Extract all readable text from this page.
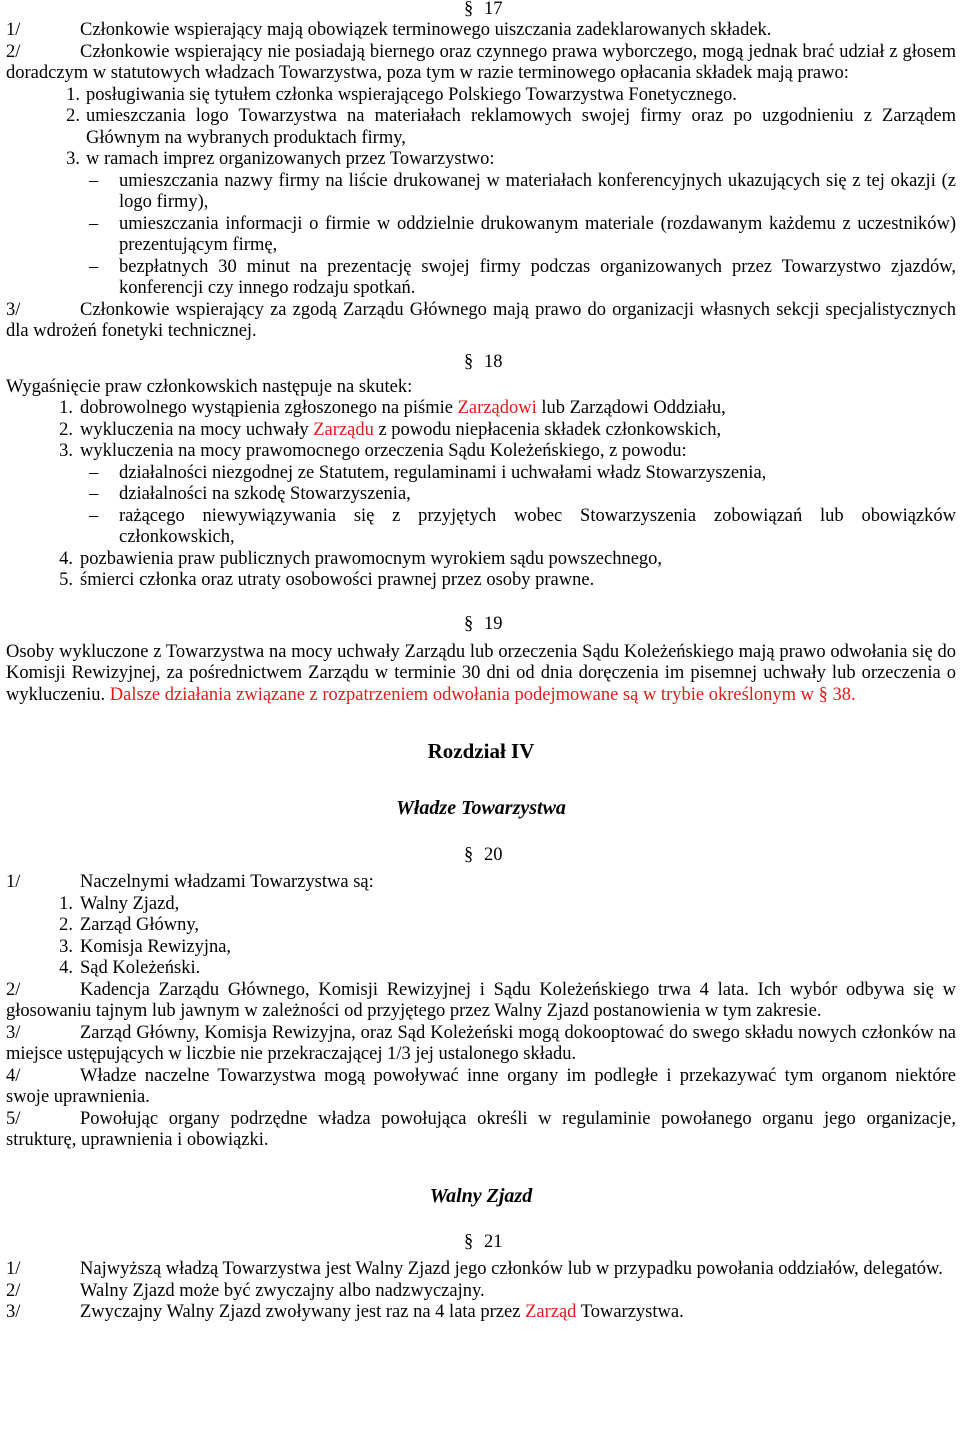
§ 17
1/	Członkowie wspierający mają obowiązek terminowego uiszczania zadeklarowanych składek.

2/	Członkowie wspierający nie posiadają biernego oraz czynnego prawa wyborczego, mogą jednak brać udział z głosem doradczym w statutowych władzach Towarzystwa, poza tym w razie terminowego opłacania składek mają prawo:

1. posługiwania się tytułem członka wspierającego Polskiego Towarzystwa Fonetycznego.
2. umieszczania logo Towarzystwa na materiałach reklamowych swojej firmy oraz po uzgodnieniu z Zarządem Głównym na wybranych produktach firmy,
3. w ramach imprez organizowanych przez Towarzystwo:
–	umieszczania nazwy firmy na liście drukowanej w materiałach konferencyjnych ukazujących się z tej okazji (z logo firmy),
–	umieszczania informacji o firmie w oddzielnie drukowanym materiale (rozdawanym każdemu z uczestników) prezentującym firmę,
–	bezpłatnych 30 minut na prezentację swojej firmy podczas organizowanych przez Towarzystwo zjazdów, konferencji czy innego rodzaju spotkań.

3/	Członkowie wspierający za zgodą Zarządu Głównego mają prawo do organizacji własnych sekcji specjalistycznych dla wdrożeń fonetyki technicznej.

§ 18

Wygaśnięcie praw członkowskich następuje na skutek:

1. dobrowolnego wystąpienia zgłoszonego na piśmie Zarządowi lub Zarządowi Oddziału,
2. wykluczenia na mocy uchwały Zarządu z powodu niepłacenia składek członkowskich,
3. wykluczenia na mocy prawomocnego orzeczenia Sądu Koleżeńskiego, z powodu:
–	działalności niezgodnej ze Statutem, regulaminami i uchwałami władz Stowarzyszenia,
–	działalności na szkodę Stowarzyszenia,
–	rażącego niewywiązywania się z przyjętych wobec Stowarzyszenia zobowiązań lub obowiązków członkowskich,
4. pozbawienia praw publicznych prawomocnym wyrokiem sądu powszechnego,
5. śmierci członka oraz utraty osobowości prawnej przez osoby prawne.
§ 19

Osoby wykluczone z Towarzystwa na mocy uchwały Zarządu lub orzeczenia Sądu Koleżeńskiego mają prawo odwołania się do Komisji Rewizyjnej, za pośrednictwem Zarządu w terminie 30 dni od dnia doręczenia im pisemnej uchwały lub orzeczenia o wykluczeniu. Dalsze działania związane z rozpatrzeniem odwołania podejmowane są w trybie określonym w § 38.

Rozdział IV

Władze Towarzystwa

§ 20
1/	Naczelnymi władzami Towarzystwa są:
1. Walny Zjazd,
2. Zarząd Główny,
3. Komisja Rewizyjna,
4. Sąd Koleżeński.

2/	Kadencja Zarządu Głównego, Komisji Rewizyjnej i Sądu Koleżeńskiego trwa 4 lata. Ich wybór odbywa się w głosowaniu tajnym lub jawnym w zależności od przyjętego przez Walny Zjazd postanowienia w tym zakresie.

3/	Zarząd Główny, Komisja Rewizyjna, oraz Sąd Koleżeński mogą dokooptować do swego składu nowych członków na miejsce ustępujących w liczbie nie przekraczającej 1/3 jej ustalonego składu.

4/	Władze naczelne Towarzystwa mogą powoływać inne organy im podległe i przekazywać tym organom niektóre swoje uprawnienia.

5/	Powołując organy podrzędne władza powołująca określi w regulaminie powołanego organu jego organizacje, strukturę, uprawnienia i obowiązki.

Walny Zjazd

§ 21

1/	Najwyższą władzą Towarzystwa jest Walny Zjazd jego członków lub w przypadku powołania oddziałów, delegatów.

2/	Walny Zjazd może być zwyczajny albo nadzwyczajny.
3/	Zwyczajny Walny Zjazd zwoływany jest raz na 4 lata przez Zarząd Towarzystwa.
